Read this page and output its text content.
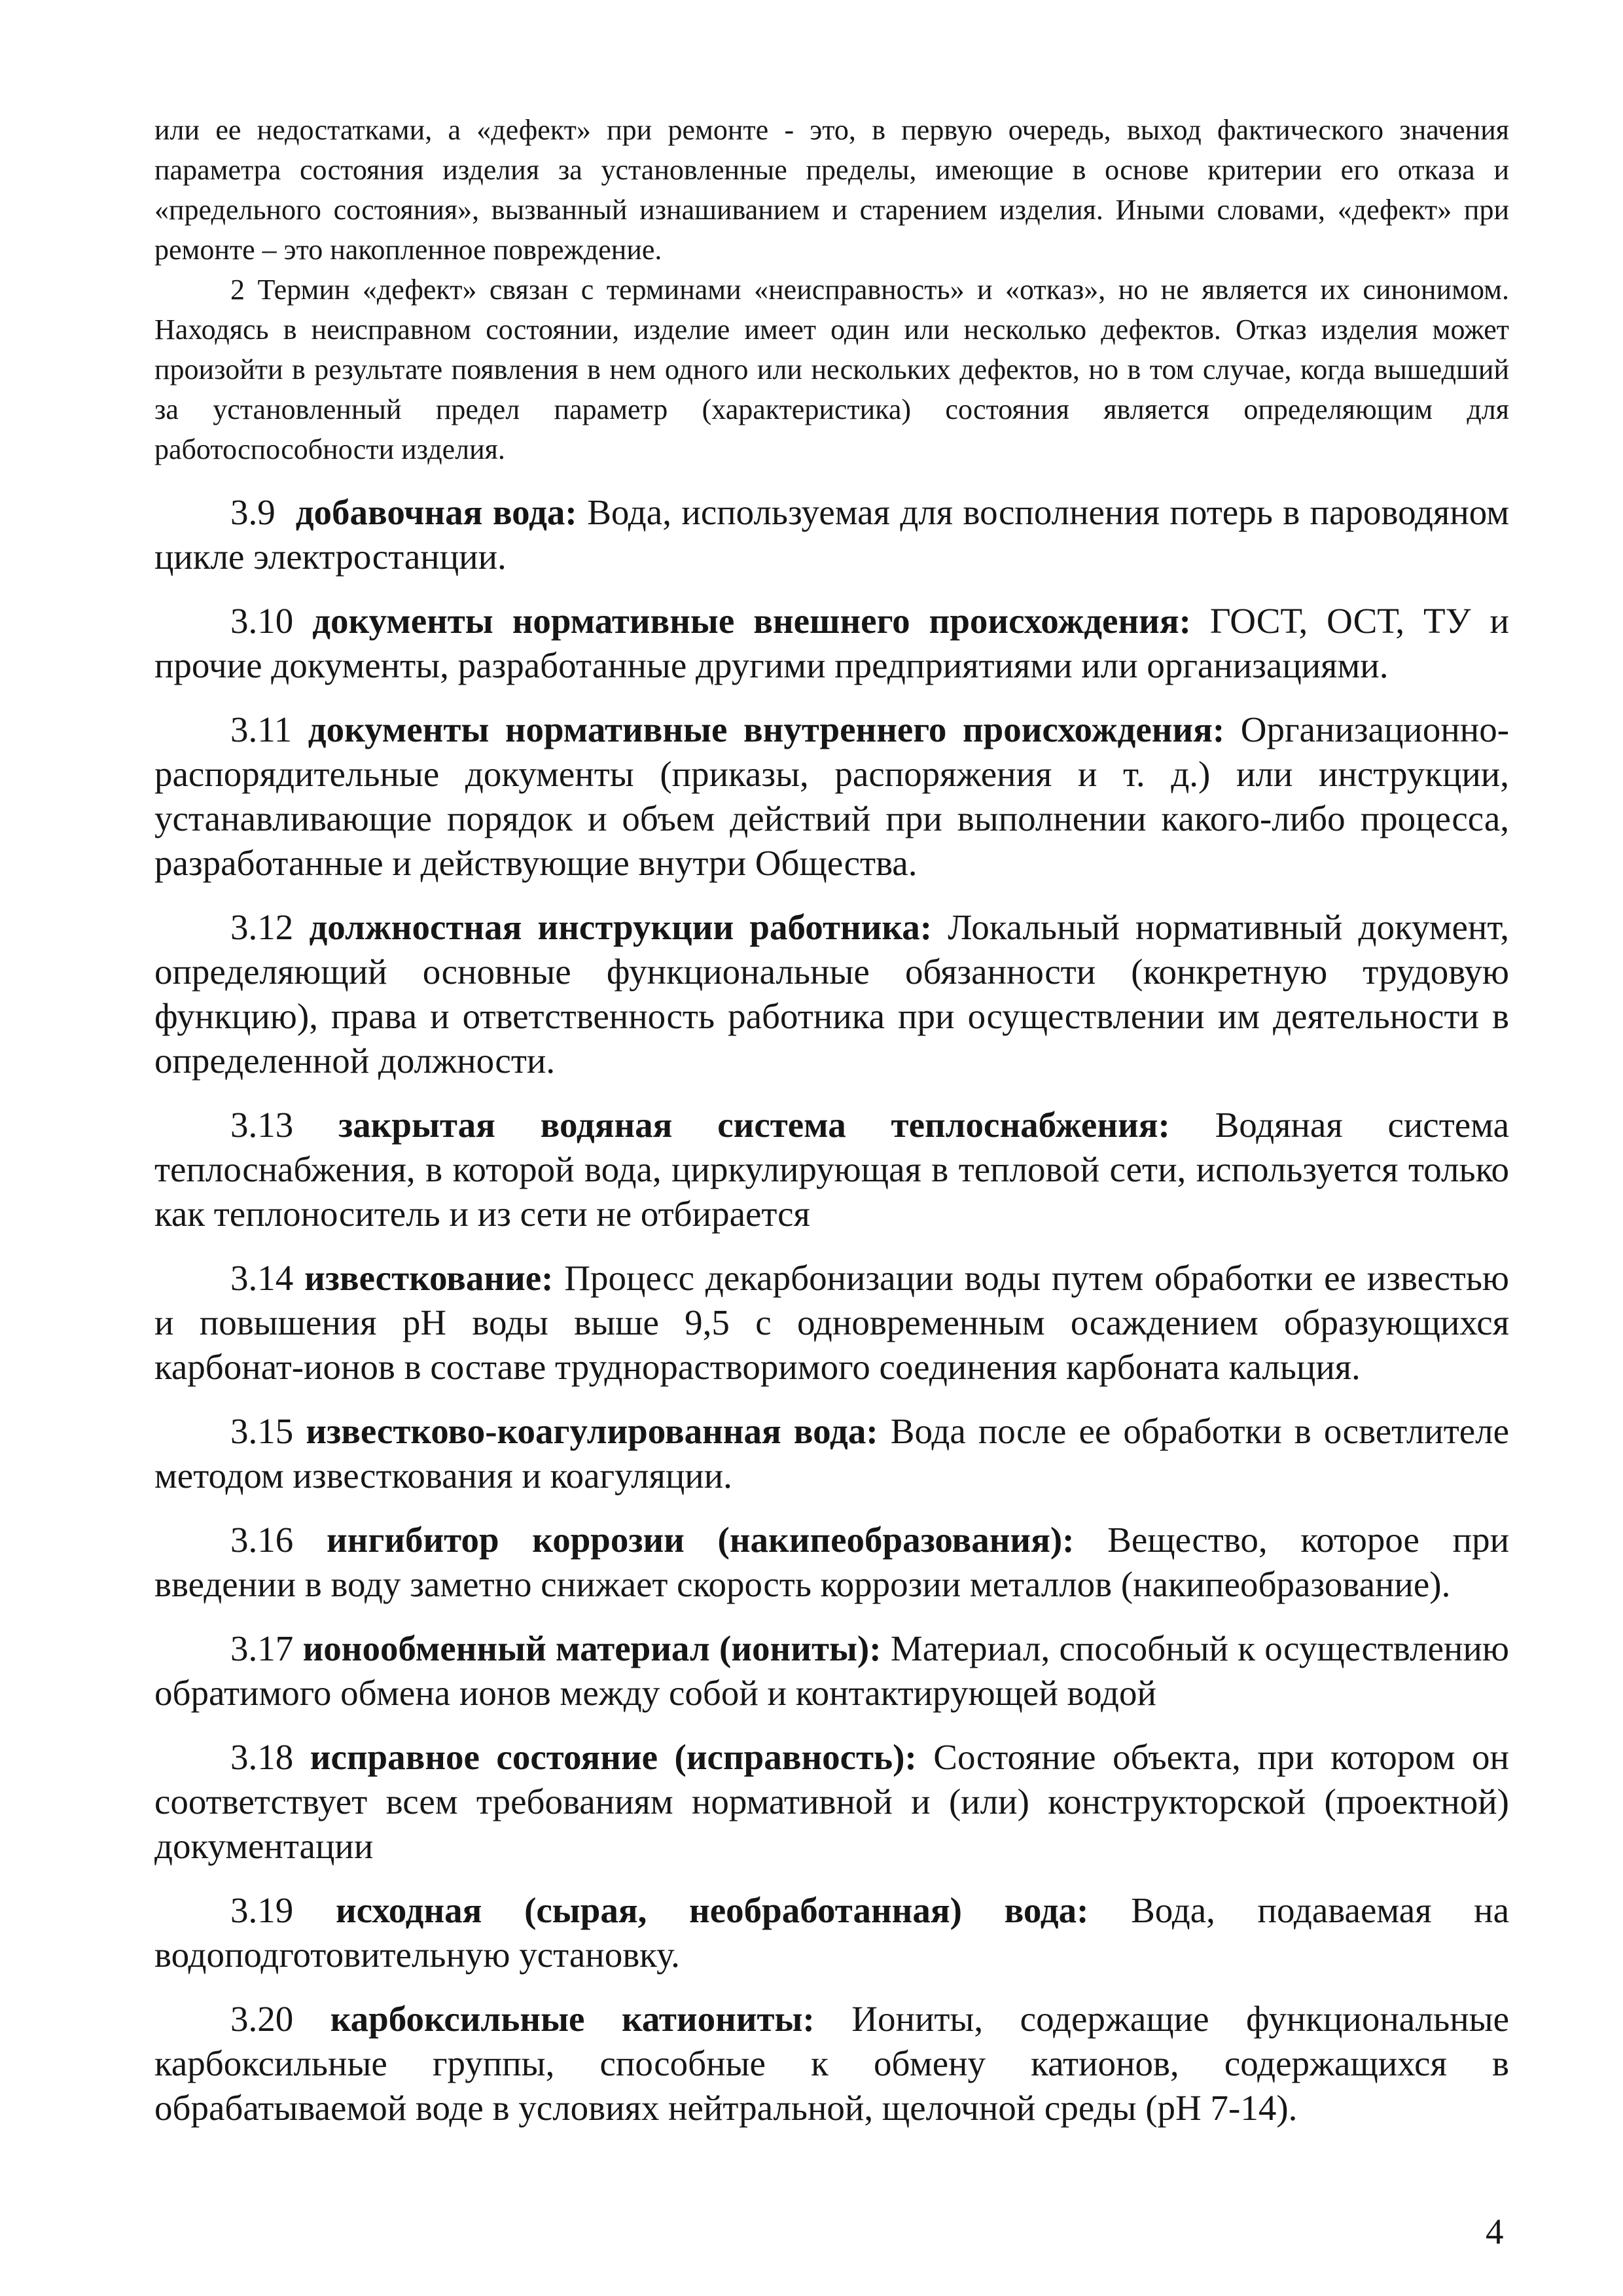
или ее недостатками, а «дефект» при ремонте - это, в первую очередь, выход фактического значения параметра состояния изделия за установленные пределы, имеющие в основе критерии его отказа и «предельного состояния», вызванный изнашиванием и старением изделия. Иными словами, «дефект» при ремонте – это накопленное повреждение.

2 Термин «дефект» связан с терминами «неисправность» и «отказ», но не является их синонимом. Находясь в неисправном состоянии, изделие имеет один или несколько дефектов. Отказ изделия может произойти в результате появления в нем одного или нескольких дефектов, но в том случае, когда вышедший за установленный предел параметр (характеристика) состояния является определяющим для работоспособности изделия.

3.9 добавочная вода: Вода, используемая для восполнения потерь в пароводяном цикле электростанции.

3.10 документы нормативные внешнего происхождения: ГОСТ, ОСТ, ТУ и прочие документы, разработанные другими предприятиями или организациями.

3.11 документы нормативные внутреннего происхождения: Организационно-распорядительные документы (приказы, распоряжения и т. д.) или инструкции, устанавливающие порядок и объем действий при выполнении какого-либо процесса, разработанные и действующие внутри Общества.

3.12 должностная инструкции работника: Локальный нормативный документ, определяющий основные функциональные обязанности (конкретную трудовую функцию), права и ответственность работника при осуществлении им деятельности в определенной должности.

3.13 закрытая водяная система теплоснабжения: Водяная система теплоснабжения, в которой вода, циркулирующая в тепловой сети, используется только как теплоноситель и из сети не отбирается

3.14 известкование: Процесс декарбонизации воды путем обработки ее известью и повышения рН воды выше 9,5 с одновременным осаждением образующихся карбонат-ионов в составе труднорастворимого соединения карбоната кальция.

3.15 известково-коагулированная вода: Вода после ее обработки в осветлителе методом известкования и коагуляции.

3.16 ингибитор коррозии (накипеобразования): Вещество, которое при введении в воду заметно снижает скорость коррозии металлов (накипеобразование).

3.17 ионообменный материал (иониты): Материал, способный к осуществлению обратимого обмена ионов между собой и контактирующей водой

3.18 исправное состояние (исправность): Состояние объекта, при котором он соответствует всем требованиям нормативной и (или) конструкторской (проектной) документации

3.19 исходная (сырая, необработанная) вода: Вода, подаваемая на водоподготовительную установку.

3.20 карбоксильные катиониты: Иониты, содержащие функциональные карбоксильные группы, способные к обмену катионов, содержащихся в обрабатываемой воде в условиях нейтральной, щелочной среды (рН 7-14).

4
